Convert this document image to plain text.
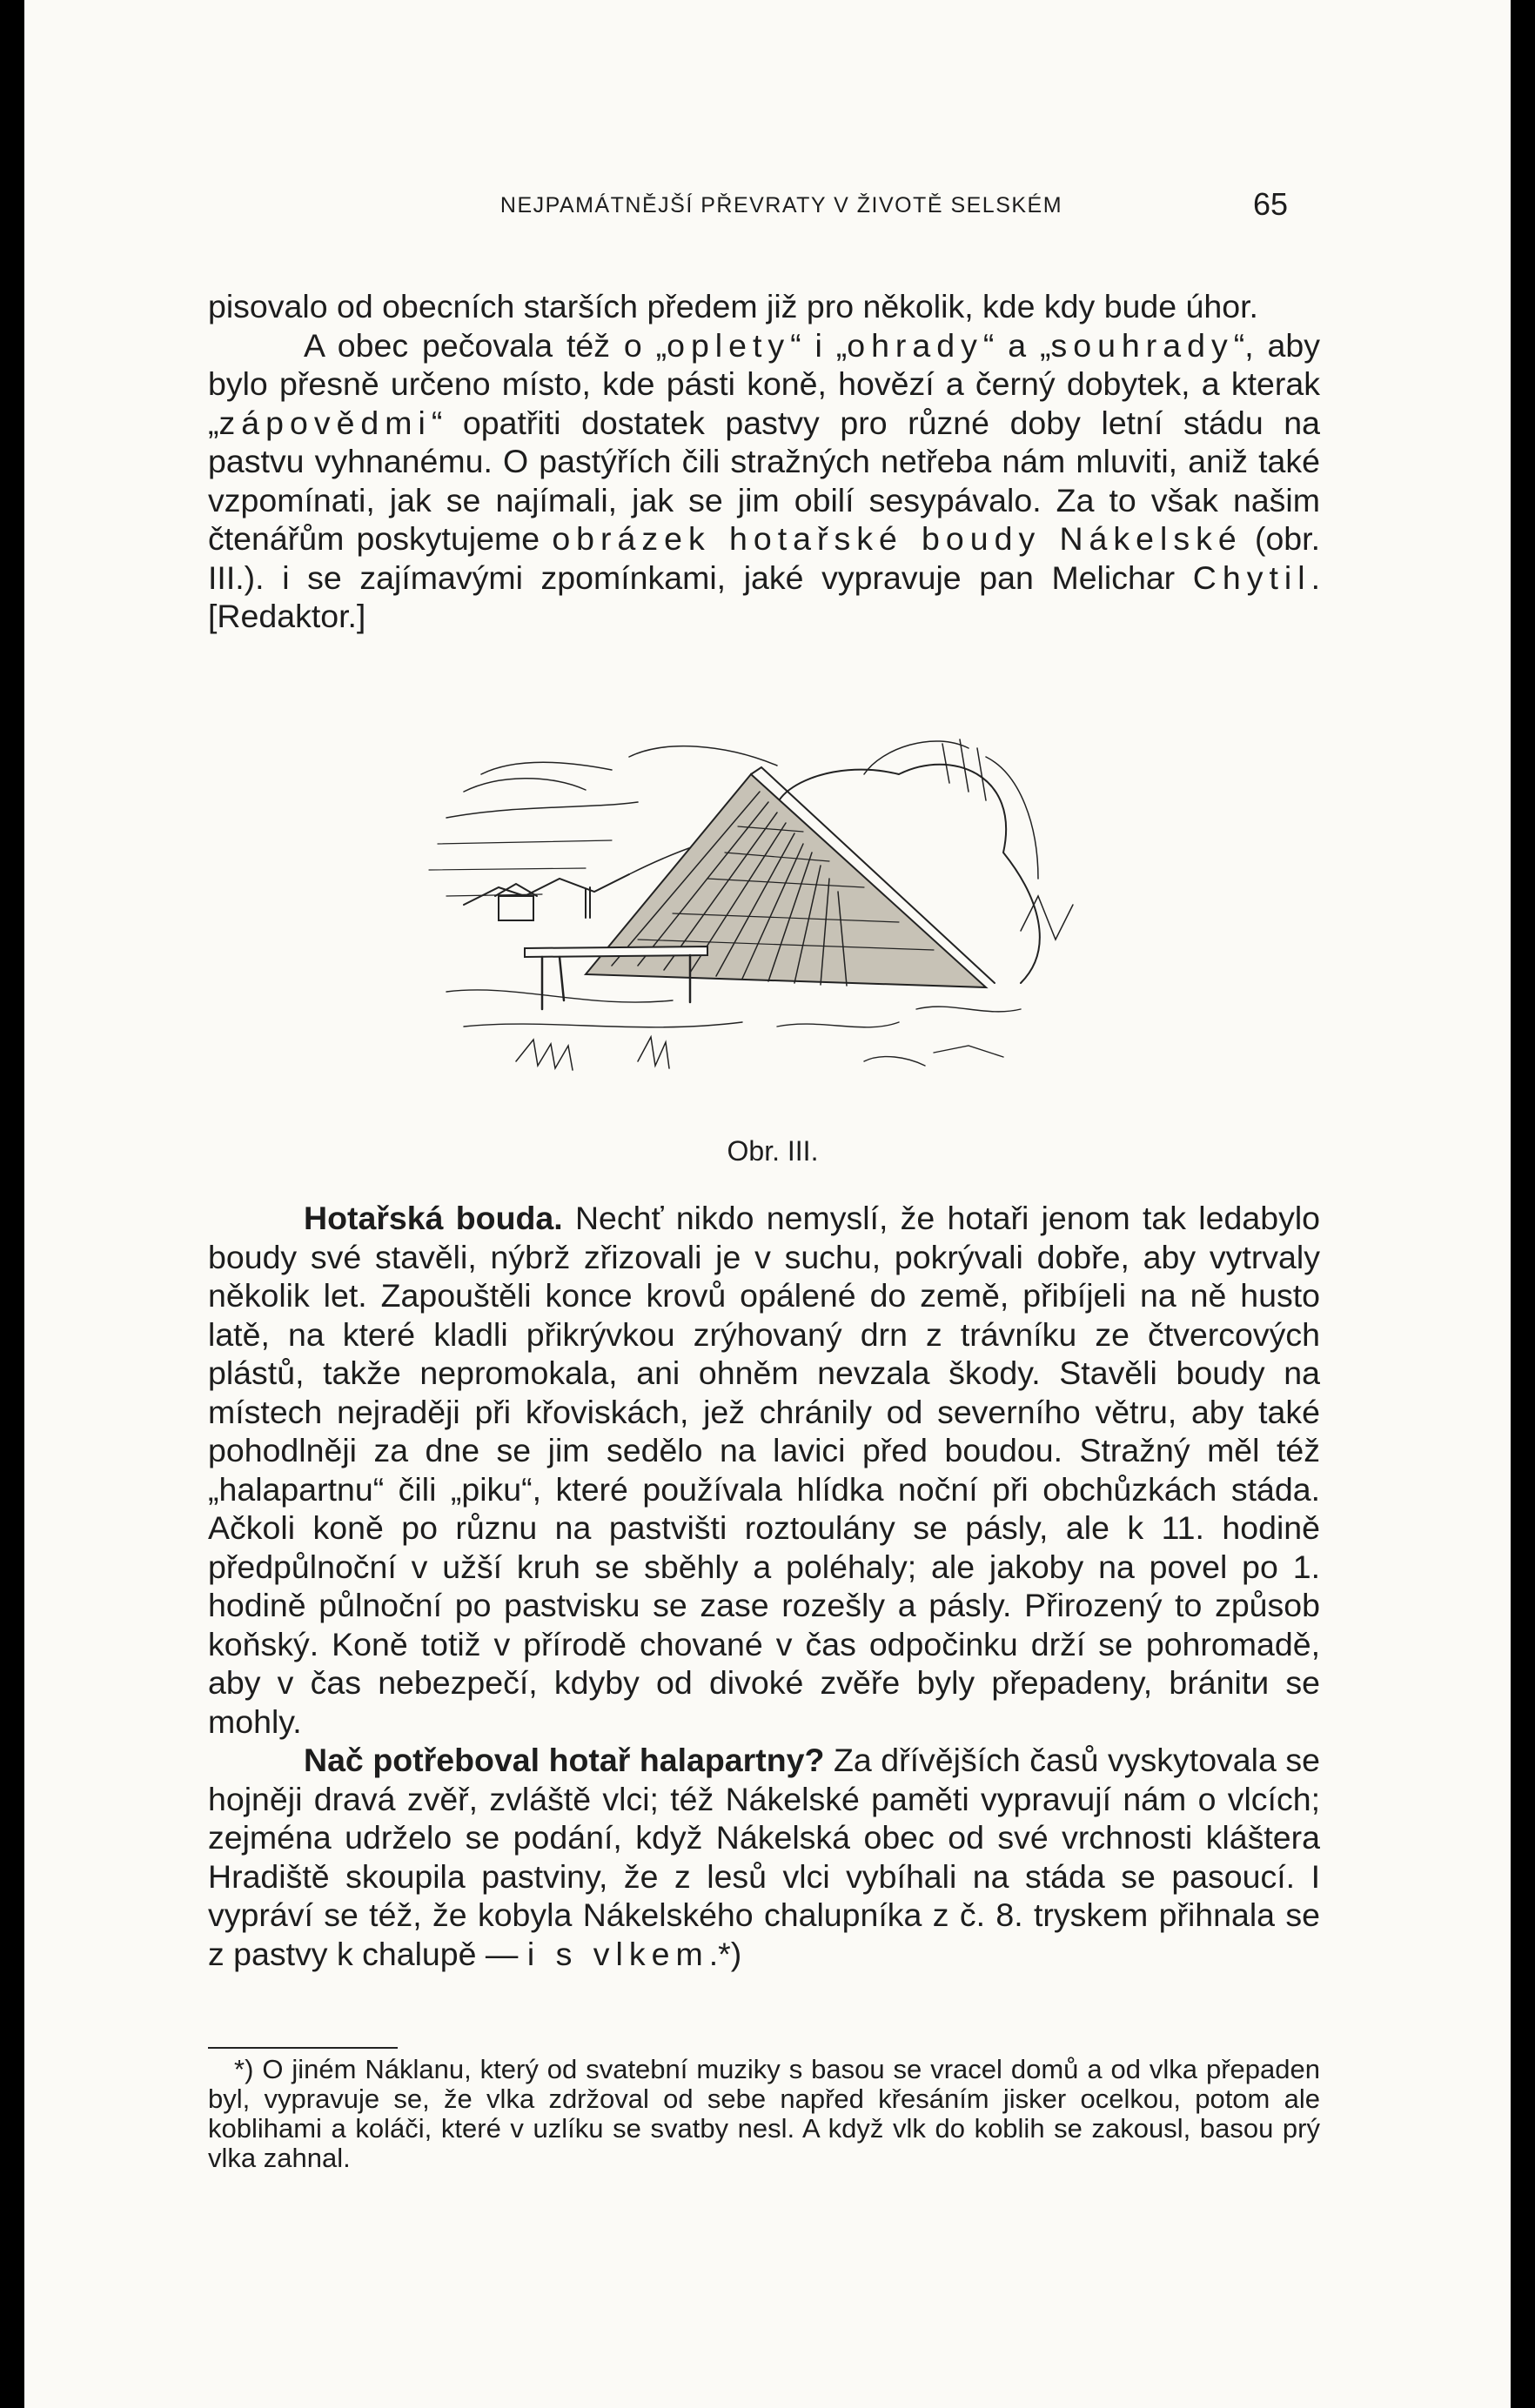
NEJPAMÁTNĚJŠÍ PŘEVRATY V ŽIVOTĚ SELSKÉM	65

pisovalo od obecních starších předem již pro několik, kde kdy bude úhor.

A obec pečovala též o „oplety“ i „ohrady“ a „souhrady“, aby bylo přesně určeno místo, kde pásti koně, hovězí a černý dobytek, a kterak „zápovědmi“ opatřiti dostatek pastvy pro různé doby letní stádu na pastvu vyhnanému. O pastýřích čili stražných netřeba nám mluviti, aniž také vzpomínati, jak se najímali, jak se jim obilí sesypávalo. Za to však našim čtenářům poskytujeme obrázek hotařské boudy Nákelské (obr. III.). i se zajímavými zpomínkami, jaké vypravuje pan Melichar Chytil. [Redaktor.]

Obr. III.

Hotařská bouda. Nechť nikdo nemyslí, že hotaři jenom tak ledabylo boudy své stavěli, nýbrž zřizovali je v suchu, pokrývali dobře, aby vytrvaly několik let. Zapouštěli konce krovů opálené do země, přibíjeli na ně husto latě, na které kladli přikrývkou zrýhovaný drn z trávníku ze čtvercových plástů, takže nepromokala, ani ohněm nevzala škody. Stavěli boudy na místech nejraději při křoviskách, jež chránily od severního větru, aby také pohodlněji za dne se jim sedělo na lavici před boudou. Stražný měl též „halapartnu“ čili „piku“, které používala hlídka noční při obchůzkách stáda. Ačkoli koně po různu na pastvišti roztoulány se pásly, ale k 11. hodině předpůlnoční v užší kruh se sběhly a poléhaly; ale jakoby na povel po 1. hodině půlnoční po pastvisku se zase rozešly a pásly. Přirozený to způsob koňský. Koně totiž v přírodě chované v čas odpočinku drží se pohromadě, aby v čas nebezpečí, kdyby od divoké zvěře byly přepadeny, bránitи se mohly.

Nač potřeboval hotař halapartny? Za dřívějších časů vyskytovala se hojněji dravá zvěř, zvláště vlci; též Nákelské paměti vypravují nám o vlcích; zejména udrželo se podání, když Nákelská obec od své vrchnosti kláštera Hradiště skoupila pastviny, že z lesů vlci vybíhali na stáda se pasoucí. I vypráví se též, že kobyla Nákelského chalupníka z č. 8. tryskem přihnala se z pastvy k chalupě — i s vlkem.*)

*) O jiném Náklanu, který od svatební muziky s basou se vracel domů a od vlka přepaden byl, vypravuje se, že vlka zdržoval od sebe napřed křesáním jisker ocelkou, potom ale koblihami a koláči, které v uzlíku se svatby nesl. A když vlk do koblih se zakousl, basou prý vlka zahnal.
